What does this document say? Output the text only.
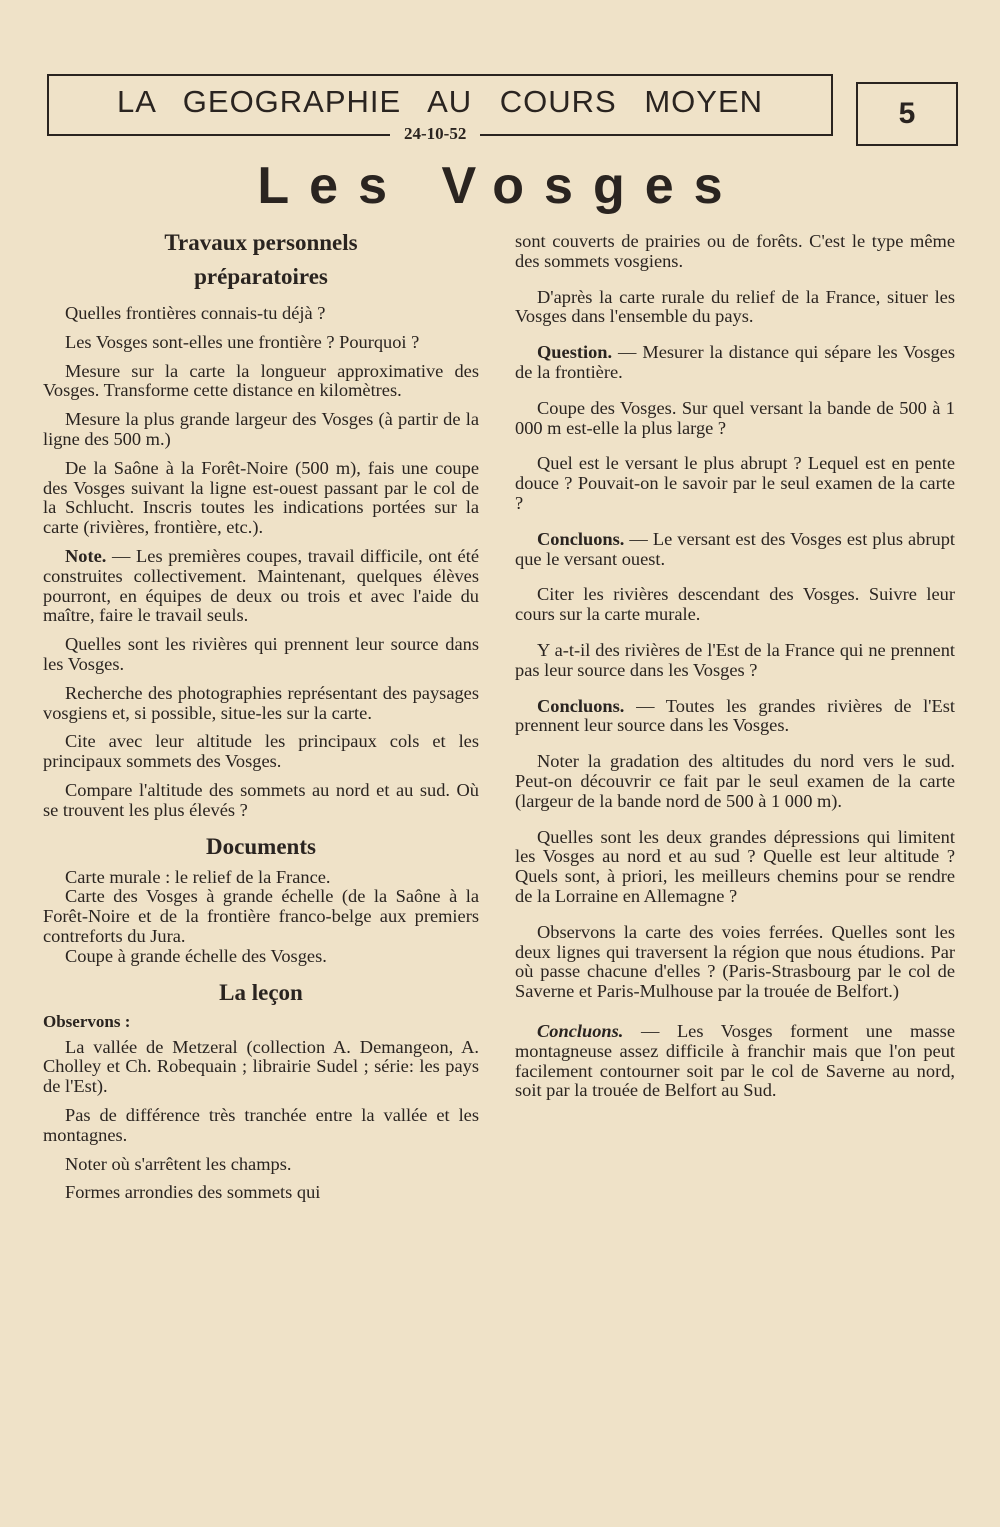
LA GEOGRAPHIE AU COURS MOYEN
24-10-52
5
Les Vosges
Travaux personnels
préparatoires

Quelles frontières connais-tu déjà ?

Les Vosges sont-elles une frontière ? Pourquoi ?

Mesure sur la carte la longueur approximative des Vosges. Transforme cette distance en kilomètres.

Mesure la plus grande largeur des Vosges (à partir de la ligne des 500 m.)

De la Saône à la Forêt-Noire (500 m), fais une coupe des Vosges suivant la ligne est-ouest passant par le col de la Schlucht. Inscris toutes les indications portées sur la carte (rivières, frontière, etc.).

Note. — Les premières coupes, travail difficile, ont été construites collectivement. Maintenant, quelques élèves pourront, en équipes de deux ou trois et avec l'aide du maître, faire le travail seuls.

Quelles sont les rivières qui prennent leur source dans les Vosges.

Recherche des photographies représentant des paysages vosgiens et, si possible, situe-les sur la carte.

Cite avec leur altitude les principaux cols et les principaux sommets des Vosges.

Compare l'altitude des sommets au nord et au sud. Où se trouvent les plus élevés ?

Documents

Carte murale : le relief de la France.

Carte des Vosges à grande échelle (de la Saône à la Forêt-Noire et de la frontière franco-belge aux premiers contreforts du Jura.

Coupe à grande échelle des Vosges.

La leçon
Observons :

La vallée de Metzeral (collection A. Demangeon, A. Cholley et Ch. Robequain ; librairie Sudel ; série: les pays de l'Est).

Pas de différence très tranchée entre la vallée et les montagnes.

Noter où s'arrêtent les champs.

Formes arrondies des sommets qui

sont couverts de prairies ou de forêts. C'est le type même des sommets vosgiens.

D'après la carte rurale du relief de la France, situer les Vosges dans l'ensemble du pays.

Question. — Mesurer la distance qui sépare les Vosges de la frontière.

Coupe des Vosges. Sur quel versant la bande de 500 à 1 000 m est-elle la plus large ?

Quel est le versant le plus abrupt ? Lequel est en pente douce ? Pouvait-on le savoir par le seul examen de la carte ?

Concluons. — Le versant est des Vosges est plus abrupt que le versant ouest.

Citer les rivières descendant des Vosges. Suivre leur cours sur la carte murale.

Y a-t-il des rivières de l'Est de la France qui ne prennent pas leur source dans les Vosges ?

Concluons. — Toutes les grandes rivières de l'Est prennent leur source dans les Vosges.

Noter la gradation des altitudes du nord vers le sud. Peut-on découvrir ce fait par le seul examen de la carte (largeur de la bande nord de 500 à 1 000 m).

Quelles sont les deux grandes dépressions qui limitent les Vosges au nord et au sud ? Quelle est leur altitude ? Quels sont, à priori, les meilleurs chemins pour se rendre de la Lorraine en Allemagne ?

Observons la carte des voies ferrées. Quelles sont les deux lignes qui traversent la région que nous étudions. Par où passe chacune d'elles ? (Paris-Strasbourg par le col de Saverne et Paris-Mulhouse par la trouée de Belfort.)

Concluons. — Les Vosges forment une masse montagneuse assez difficile à franchir mais que l'on peut facilement contourner soit par le col de Saverne au nord, soit par la trouée de Belfort au Sud.
